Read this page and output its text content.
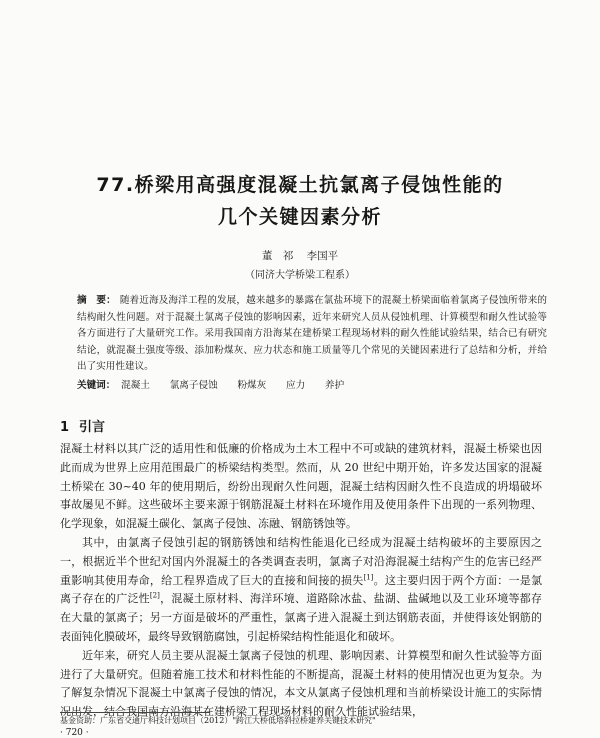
77.桥梁用高强度混凝土抗氯离子侵蚀性能的
几个关键因素分析
董　祁 李国平
（同济大学桥梁工程系）
摘　要： 随着近海及海洋工程的发展，越来越多的暴露在氯盐环境下的混凝土桥梁面临着氯离子侵蚀所带来的结构耐久性问题。对于混凝土氯离子侵蚀的影响因素，近年来研究人员从侵蚀机理、计算模型和耐久性试验等各方面进行了大量研究工作。采用我国南方沿海某在建桥梁工程现场材料的耐久性能试验结果，结合已有研究结论，就混凝土强度等级、添加粉煤灰、应力状态和施工质量等几个常见的关键因素进行了总结和分析，并给出了实用性建议。
关键词： 混凝土 氯离子侵蚀 粉煤灰 应力 养护
1 引言

混凝土材料以其广泛的适用性和低廉的价格成为土木工程中不可或缺的建筑材料，混凝土桥梁也因此而成为世界上应用范围最广的桥梁结构类型。然而，从 20 世纪中期开始，许多发达国家的混凝土桥梁在 30~40 年的使用期后，纷纷出现耐久性问题，混凝土结构因耐久性不良造成的坍塌破坏事故屡见不鲜。这些破坏主要来源于钢筋混凝土材料在环境作用及使用条件下出现的一系列物理、化学现象，如混凝土碳化、氯离子侵蚀、冻融、钢筋锈蚀等。

其中，由氯离子侵蚀引起的钢筋锈蚀和结构性能退化已经成为混凝土结构破坏的主要原因之一，根据近半个世纪对国内外混凝土的各类调查表明，氯离子对沿海混凝土结构产生的危害已经严重影响其使用寿命，给工程界造成了巨大的直接和间接的损失[1]。这主要归因于两个方面：一是氯离子存在的广泛性[2]，混凝土原材料、海洋环境、道路除冰盐、盐湖、盐碱地以及工业环境等都存在大量的氯离子；另一方面是破坏的严重性，氯离子进入混凝土到达钢筋表面，并使得该处钢筋的表面钝化膜破坏，最终导致钢筋腐蚀，引起桥梁结构性能退化和破坏。

近年来，研究人员主要从混凝土氯离子侵蚀的机理、影响因素、计算模型和耐久性试验等方面进行了大量研究。但随着施工技术和材料性能的不断提高，混凝土材料的使用情况也更为复杂。为了解复杂情况下混凝土中氯离子侵蚀的情况，本文从氯离子侵蚀机理和当前桥梁设计施工的实际情况出发，结合我国南方沿海某在建桥梁工程现场材料的耐久性能试验结果，

基金资助：广东省交通厅科技计划项目（2012）"跨江大桥低塔斜拉桥建养关键技术研究"
· 720 ·
